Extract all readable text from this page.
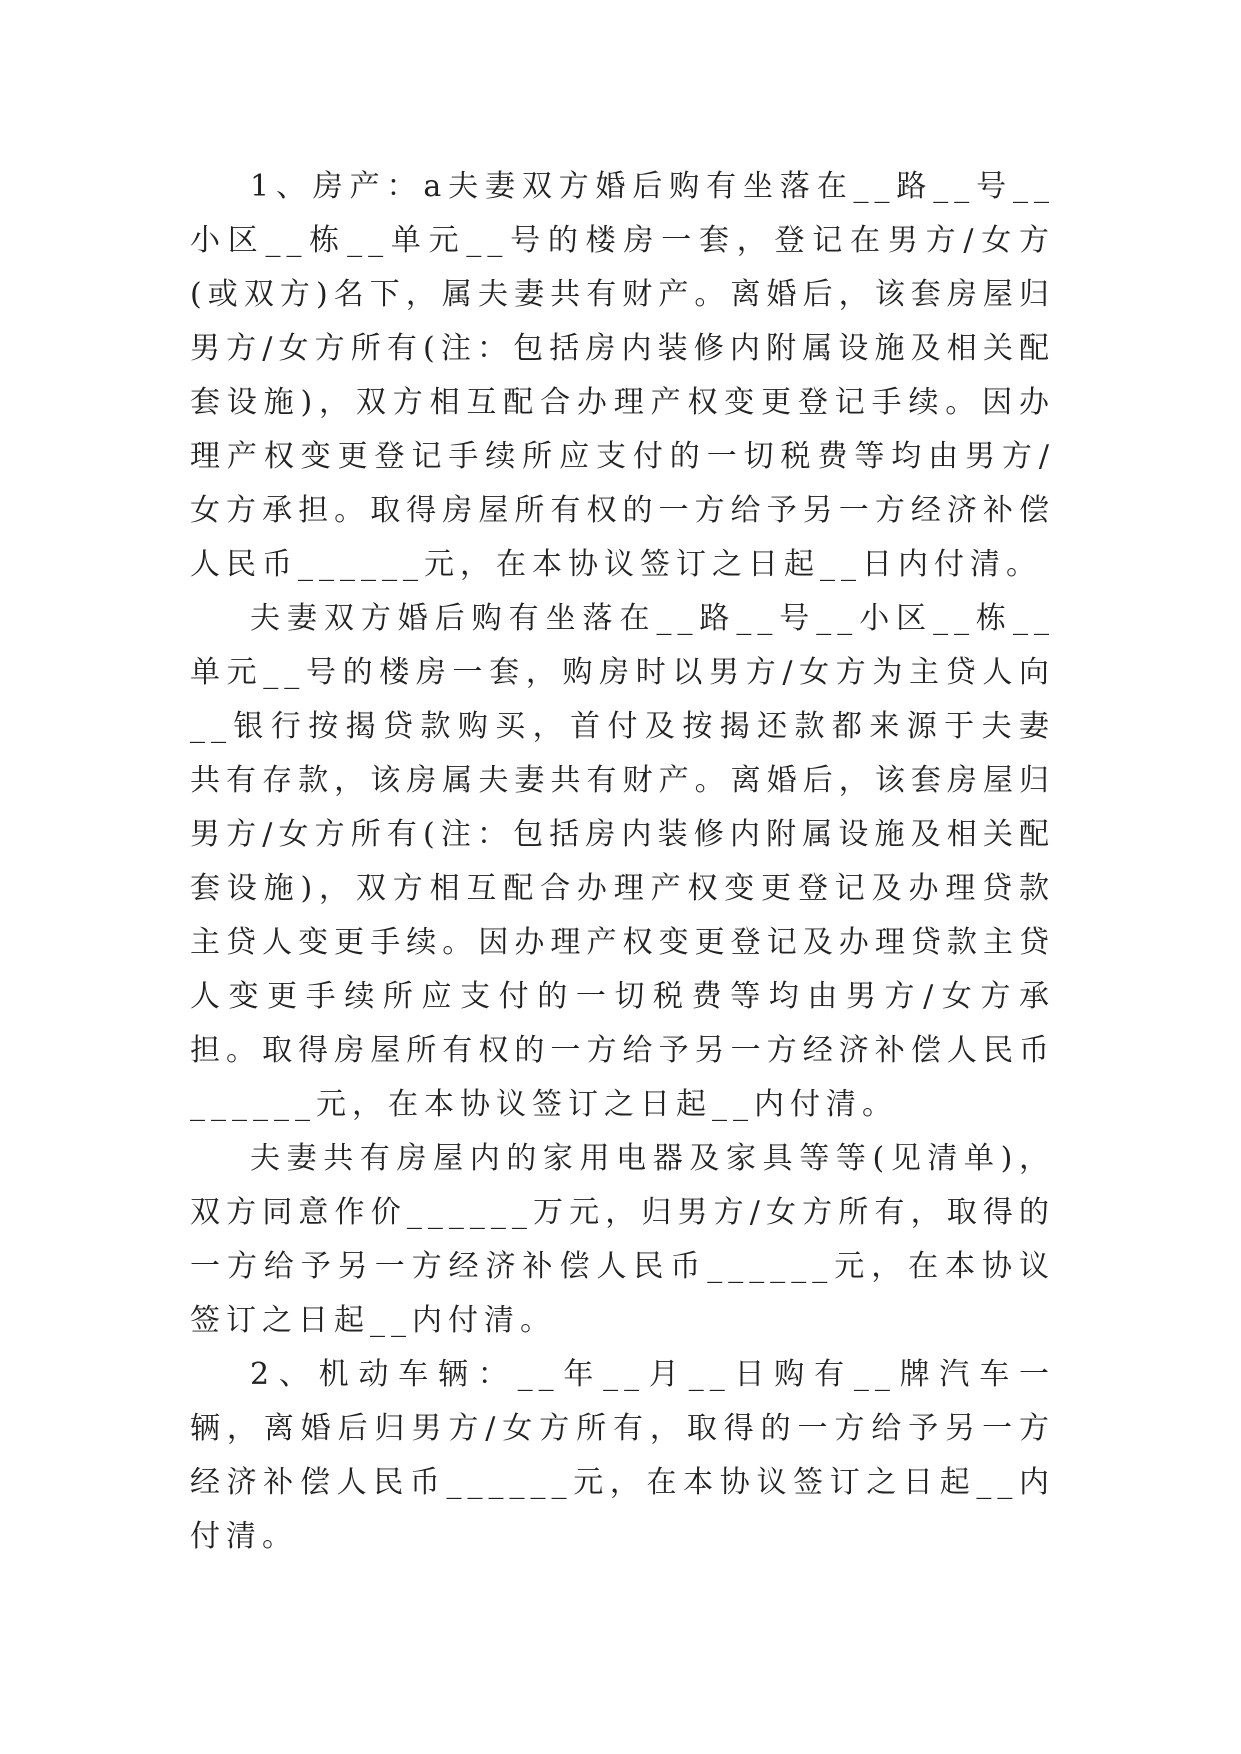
1、房产：a夫妻双方婚后购有坐落在__路__号__小区__栋__单元__号的楼房一套，登记在男方/女方(或双方)名下，属夫妻共有财产。离婚后，该套房屋归男方/女方所有(注：包括房内装修内附属设施及相关配套设施)，双方相互配合办理产权变更登记手续。因办理产权变更登记手续所应支付的一切税费等均由男方/女方承担。取得房屋所有权的一方给予另一方经济补偿人民币______元，在本协议签订之日起__日内付清。

夫妻双方婚后购有坐落在__路__号__小区__栋__单元__号的楼房一套，购房时以男方/女方为主贷人向__银行按揭贷款购买，首付及按揭还款都来源于夫妻共有存款，该房属夫妻共有财产。离婚后，该套房屋归男方/女方所有(注：包括房内装修内附属设施及相关配套设施)，双方相互配合办理产权变更登记及办理贷款主贷人变更手续。因办理产权变更登记及办理贷款主贷人变更手续所应支付的一切税费等均由男方/女方承担。取得房屋所有权的一方给予另一方经济补偿人民币______元，在本协议签订之日起__内付清。

夫妻共有房屋内的家用电器及家具等等(见清单)，双方同意作价______万元，归男方/女方所有，取得的一方给予另一方经济补偿人民币______元，在本协议签订之日起__内付清。

2、机动车辆：__年__月__日购有__牌汽车一辆，离婚后归男方/女方所有，取得的一方给予另一方经济补偿人民币______元，在本协议签订之日起__内付清。
